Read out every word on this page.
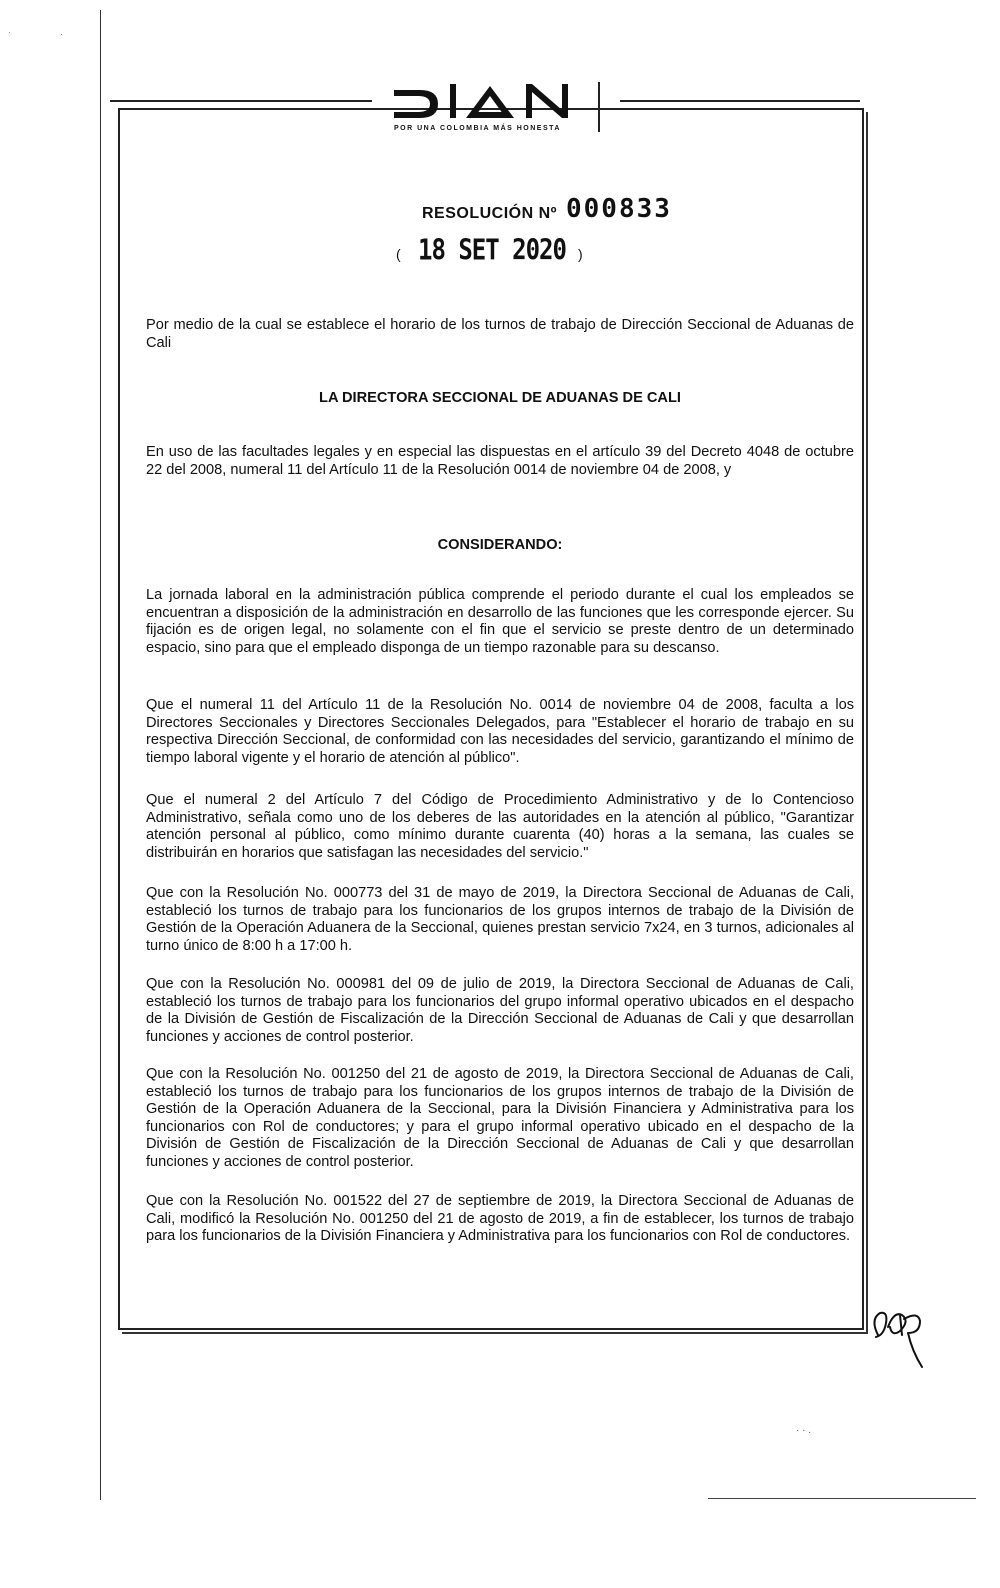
·	·
POR UNA COLOMBIA MÁS HONESTA
RESOLUCIÓN Nº 000833
( 18 SET 2020 )
Por medio de la cual se establece el horario de los turnos de trabajo de Dirección Seccional de Aduanas de Cali
LA DIRECTORA SECCIONAL DE ADUANAS DE CALI
En uso de las facultades legales y en especial las dispuestas en el artículo 39 del Decreto 4048 de octubre 22 del 2008, numeral 11 del Artículo 11 de la Resolución 0014 de noviembre 04 de 2008, y
CONSIDERANDO:
La jornada laboral en la administración pública comprende el periodo durante el cual los empleados se encuentran a disposición de la administración en desarrollo de las funciones que les corresponde ejercer. Su fijación es de origen legal, no solamente con el fin que el servicio se preste dentro de un determinado espacio, sino para que el empleado disponga de un tiempo razonable para su descanso.
Que el numeral 11 del Artículo 11 de la Resolución No. 0014 de noviembre 04 de 2008, faculta a los Directores Seccionales y Directores Seccionales Delegados, para "Establecer el horario de trabajo en su respectiva Dirección Seccional, de conformidad con las necesidades del servicio, garantizando el mínimo de tiempo laboral vigente y el horario de atención al público".
Que el numeral 2 del Artículo 7 del Código de Procedimiento Administrativo y de lo Contencioso Administrativo, señala como uno de los deberes de las autoridades en la atención al público, "Garantizar atención personal al público, como mínimo durante cuarenta (40) horas a la semana, las cuales se distribuirán en horarios que satisfagan las necesidades del servicio."
Que con la Resolución No. 000773 del 31 de mayo de 2019, la Directora Seccional de Aduanas de Cali, estableció los turnos de trabajo para los funcionarios de los grupos internos de trabajo de la División de Gestión de la Operación Aduanera de la Seccional, quienes prestan servicio 7x24, en 3 turnos, adicionales al turno único de 8:00 h a 17:00 h.
Que con la Resolución No. 000981 del 09 de julio de 2019, la Directora Seccional de Aduanas de Cali, estableció los turnos de trabajo para los funcionarios del grupo informal operativo ubicados en el despacho de la División de Gestión de Fiscalización de la Dirección Seccional de Aduanas de Cali y que desarrollan funciones y acciones de control posterior.
Que con la Resolución No. 001250 del 21 de agosto de 2019, la Directora Seccional de Aduanas de Cali, estableció los turnos de trabajo para los funcionarios de los grupos internos de trabajo de la División de Gestión de la Operación Aduanera de la Seccional, para la División Financiera y Administrativa para los funcionarios con Rol de conductores; y para el grupo informal operativo ubicado en el despacho de la División de Gestión de Fiscalización de la Dirección Seccional de Aduanas de Cali y que desarrollan funciones y acciones de control posterior.
Que con la Resolución No. 001522 del 27 de septiembre de 2019, la Directora Seccional de Aduanas de Cali, modificó la Resolución No. 001250 del 21 de agosto de 2019, a fin de establecer, los turnos de trabajo para los funcionarios de la División Financiera y Administrativa para los funcionarios con Rol de conductores.
· · .
